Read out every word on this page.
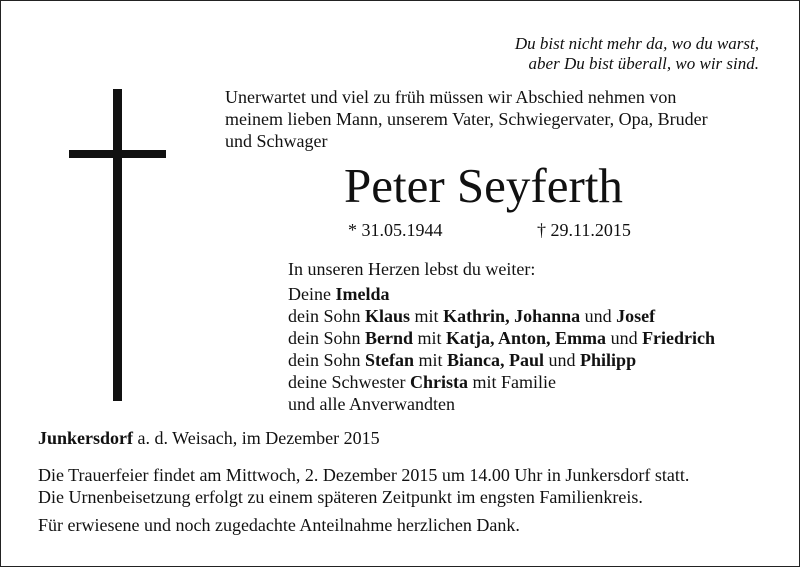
Du bist nicht mehr da, wo du warst,
aber Du bist überall, wo wir sind.
Unerwartet und viel zu früh müssen wir Abschied nehmen von
meinem lieben Mann, unserem Vater, Schwiegervater, Opa, Bruder
und Schwager
Peter Seyferth
* 31.05.1944	† 29.11.2015
In unseren Herzen lebst du weiter:
Deine Imelda
dein Sohn Klaus mit Kathrin, Johanna und Josef
dein Sohn Bernd mit Katja, Anton, Emma und Friedrich
dein Sohn Stefan mit Bianca, Paul und Philipp
deine Schwester Christa mit Familie
und alle Anverwandten
Junkersdorf a. d. Weisach, im Dezember 2015
Die Trauerfeier findet am Mittwoch, 2. Dezember 2015 um 14.00 Uhr in Junkersdorf statt.
Die Urnenbeisetzung erfolgt zu einem späteren Zeitpunkt im engsten Familienkreis.
Für erwiesene und noch zugedachte Anteilnahme herzlichen Dank.
